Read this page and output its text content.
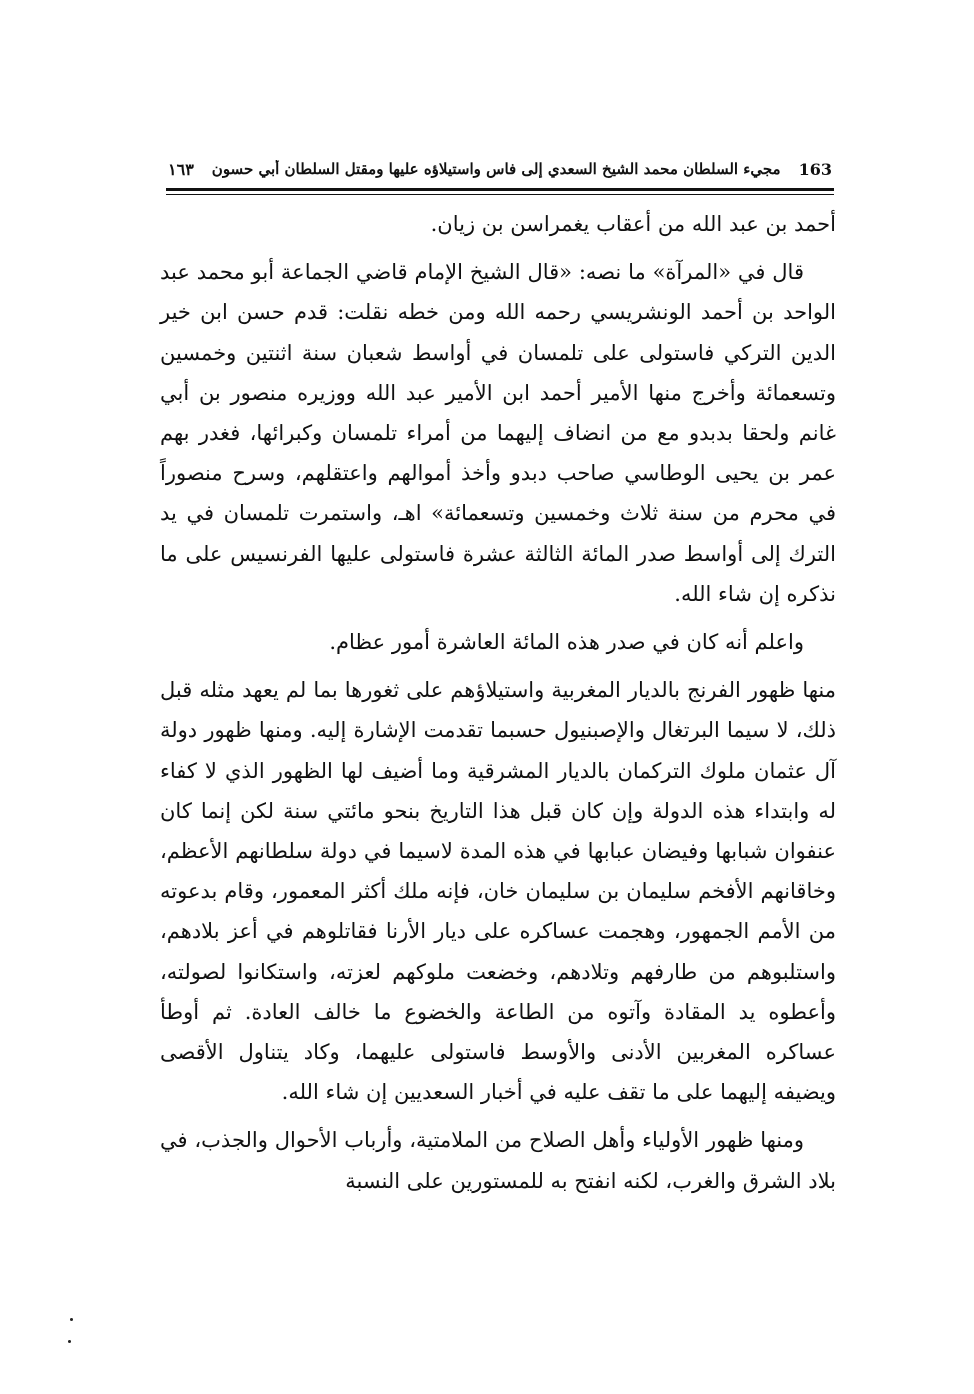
163
مجيء السلطان محمد الشيخ السعدي إلى فاس واستيلاؤه عليها ومقتل السلطان أبي حسون
١٦٣

أحمد بن عبد الله من أعقاب يغمراسن بن زيان.

قال في «المرآة» ما نصه: «قال الشيخ الإمام قاضي الجماعة أبو محمد عبد الواحد بن أحمد الونشريسي رحمه الله ومن خطه نقلت: قدم حسن ابن خير الدين التركي فاستولى على تلمسان في أواسط شعبان سنة اثنتين وخمسين وتسعمائة وأخرج منها الأمير أحمد ابن الأمير عبد الله ووزيره منصور بن أبي غانم ولحقا بدبدو مع من انضاف إليهما من أمراء تلمسان وكبرائها، فغدر بهم عمر بن يحيى الوطاسي صاحب دبدو وأخذ أموالهم واعتقلهم، وسرح منصوراً في محرم من سنة ثلاث وخمسين وتسعمائة» اهـ، واستمرت تلمسان في يد الترك إلى أواسط صدر المائة الثالثة عشرة فاستولى عليها الفرنسيس على ما نذكره إن شاء الله.

واعلم أنه كان في صدر هذه المائة العاشرة أمور عظام.

منها ظهور الفرنج بالديار المغربية واستيلاؤهم على ثغورها بما لم يعهد مثله قبل ذلك، لا سيما البرتغال والإصبنيول حسبما تقدمت الإشارة إليه. ومنها ظهور دولة آل عثمان ملوك التركمان بالديار المشرقية وما أضيف لها الظهور الذي لا كفاء له وابتداء هذه الدولة وإن كان قبل هذا التاريخ بنحو مائتي سنة لكن إنما كان عنفوان شبابها وفيضان عبابها في هذه المدة لاسيما في دولة سلطانهم الأعظم، وخاقانهم الأفخم سليمان بن سليمان خان، فإنه ملك أكثر المعمور، وقام بدعوته من الأمم الجمهور، وهجمت عساكره على ديار الأرنا فقاتلوهم في أعز بلادهم، واستلبوهم من طارفهم وتلادهم، وخضعت ملوكهم لعزته، واستكانوا لصولته، وأعطوه يد المقادة وآتوه من الطاعة والخضوع ما خالف العادة. ثم أوطأ عساكره المغربين الأدنى والأوسط فاستولى عليهما، وكاد يتناول الأقصى ويضيفه إليهما على ما تقف عليه في أخبار السعديين إن شاء الله.

ومنها ظهور الأولياء وأهل الصلاح من الملامتية، وأرباب الأحوال والجذب، في بلاد الشرق والغرب، لكنه انفتح به للمستورين على النسبة
